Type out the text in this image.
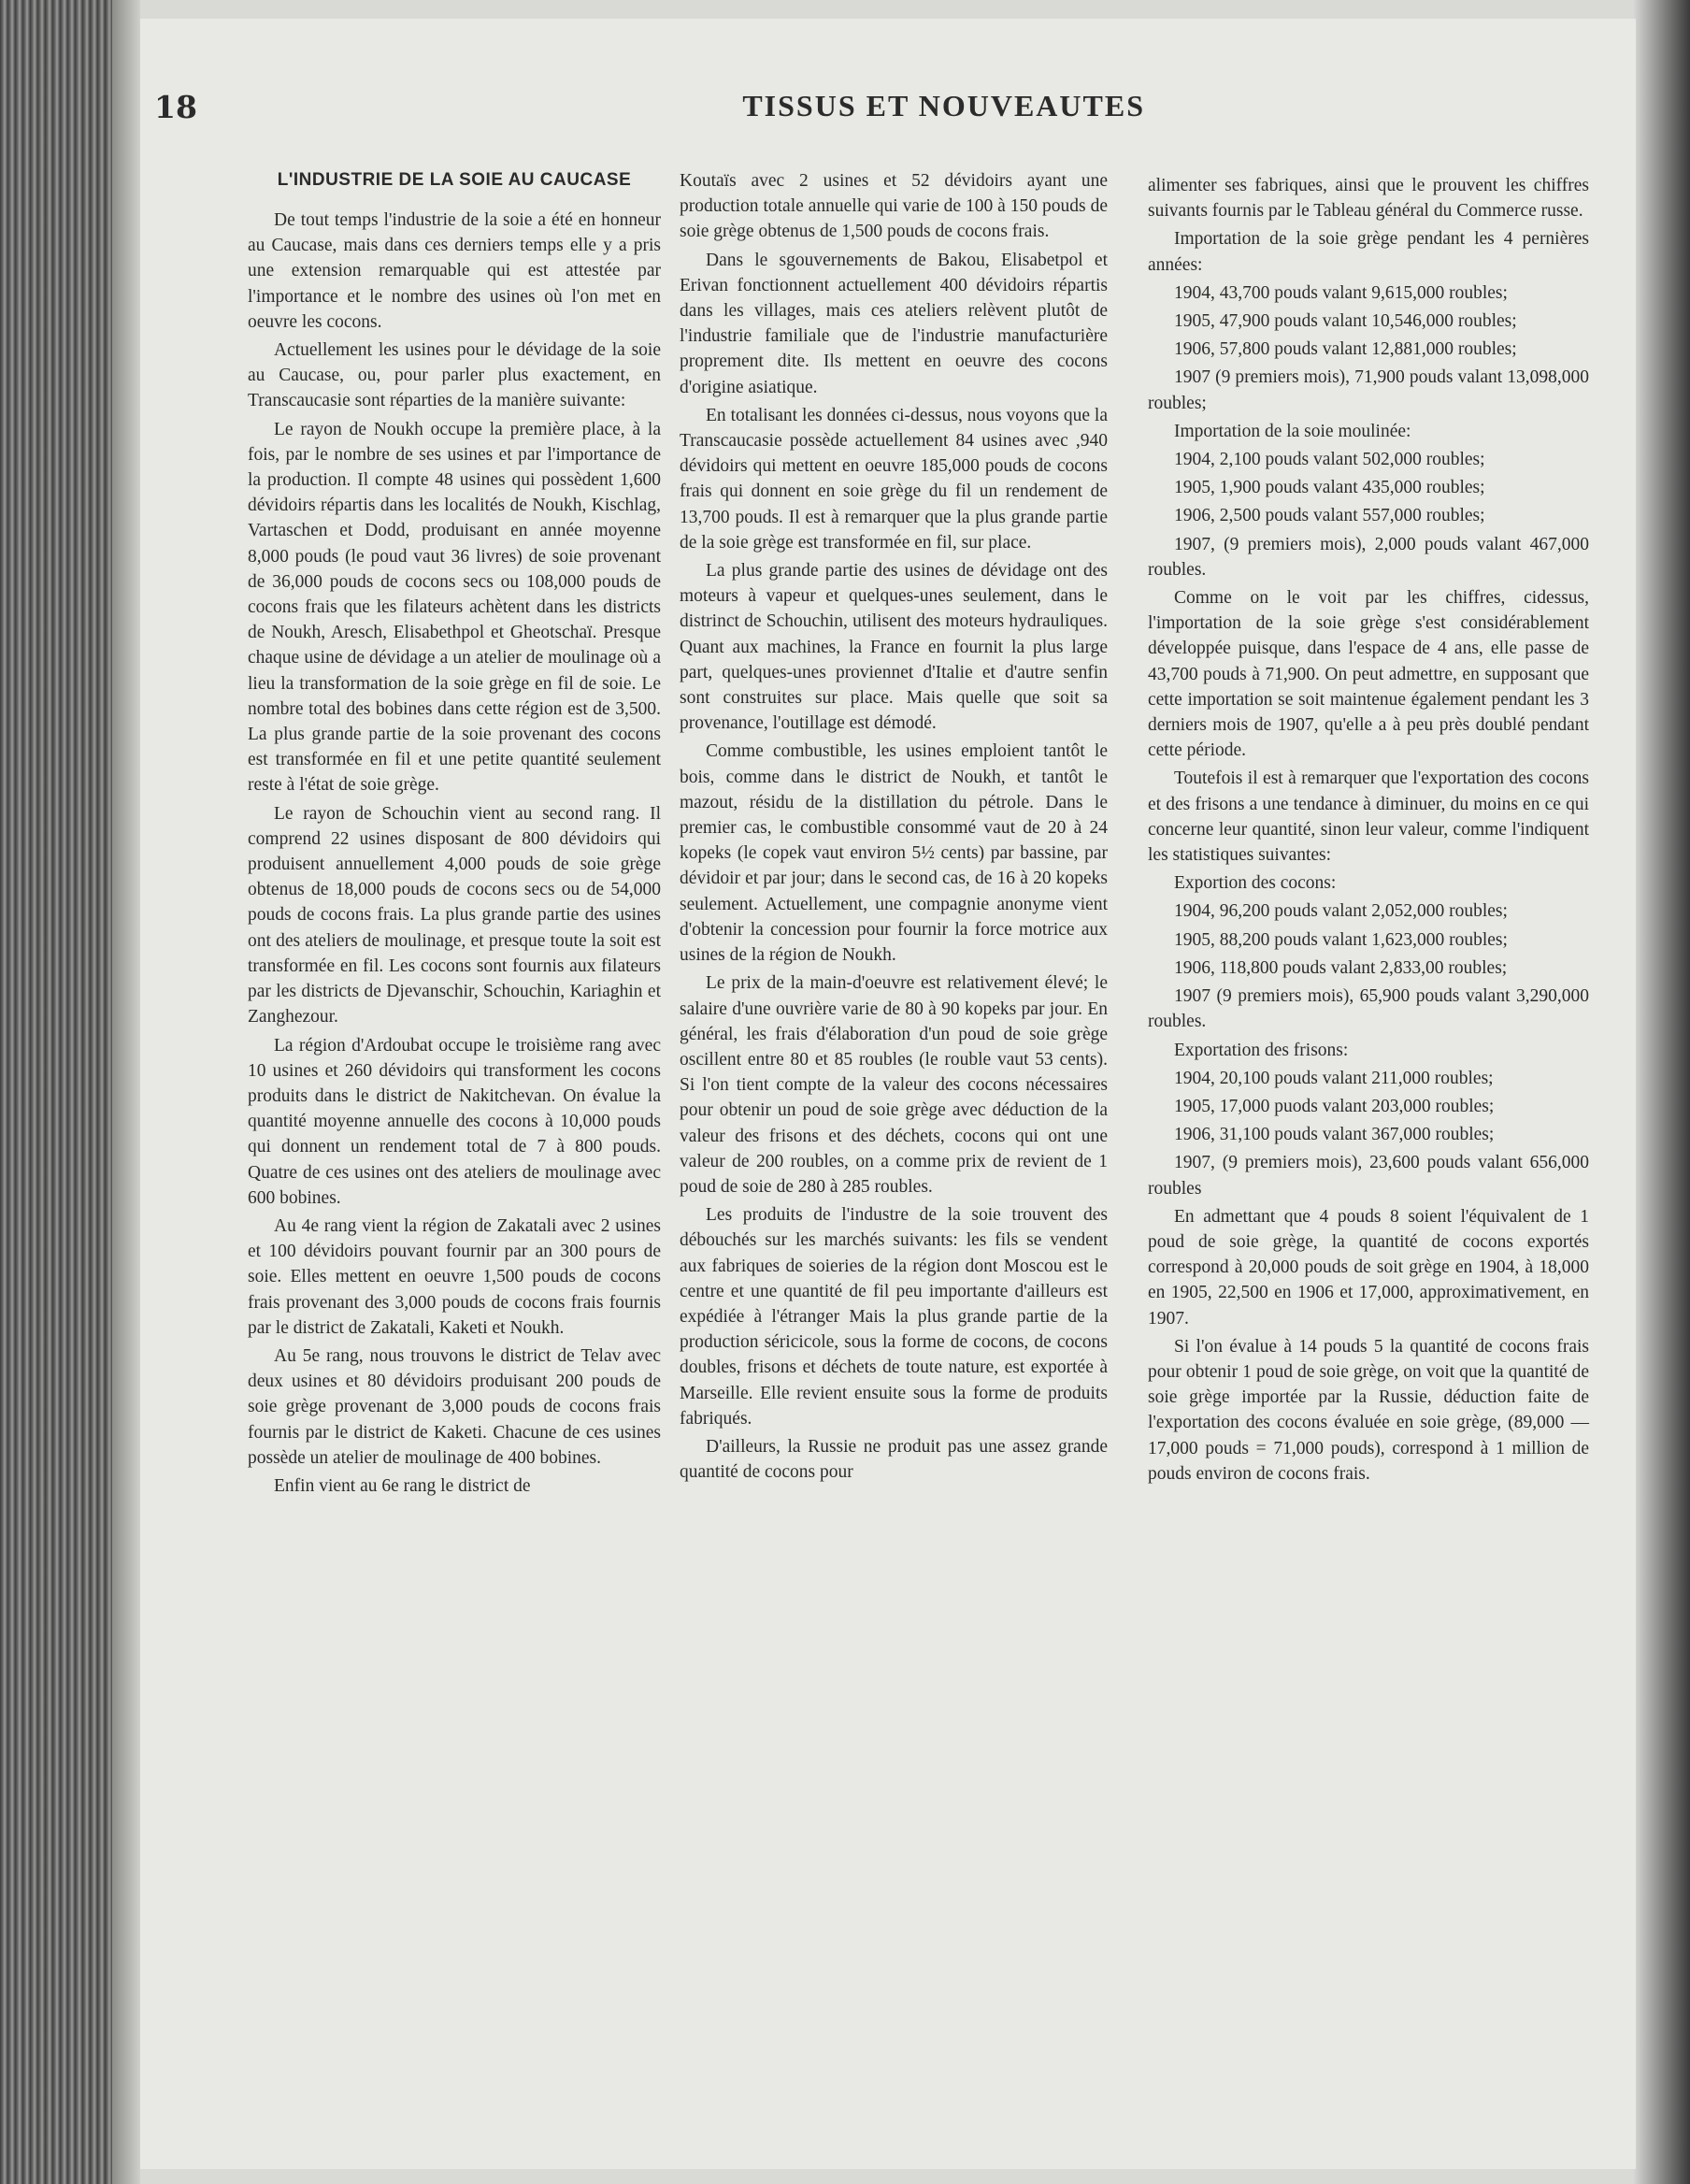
18	TISSUS ET NOUVEAUTES
L'INDUSTRIE DE LA SOIE AU CAUCASE

De tout temps l'industrie de la soie a été en honneur au Caucase, mais dans ces derniers temps elle y a pris une extension remarquable qui est attestée par l'importance et le nombre des usines où l'on met en oeuvre les cocons.

Actuellement les usines pour le dévidage de la soie au Caucase, ou, pour parler plus exactement, en Transcaucasie sont réparties de la manière suivante:

Le rayon de Noukh occupe la première place, à la fois, par le nombre de ses usines et par l'importance de la production. Il compte 48 usines qui possèdent 1,600 dévidoirs répartis dans les localités de Noukh, Kischlag, Vartaschen et Dodd, produisant en année moyenne 8,000 pouds (le poud vaut 36 livres) de soie provenant de 36,000 pouds de cocons secs ou 108,000 pouds de cocons frais que les filateurs achètent dans les districts de Noukh, Aresch, Elisabethpol et Gheotschaï. Presque chaque usine de dévidage a un atelier de moulinage où a lieu la transformation de la soie grège en fil de soie. Le nombre total des bobines dans cette région est de 3,500. La plus grande partie de la soie provenant des cocons est transformée en fil et une petite quantité seulement reste à l'état de soie grège.

Le rayon de Schouchin vient au second rang. Il comprend 22 usines disposant de 800 dévidoirs qui produisent annuellement 4,000 pouds de soie grège obtenus de 18,000 pouds de cocons secs ou de 54,000 pouds de cocons frais. La plus grande partie des usines ont des ateliers de moulinage, et presque toute la soit est transformée en fil. Les cocons sont fournis aux filateurs par les districts de Djevanschir, Schouchin, Kariaghin et Zanghezour.

La région d'Ardoubat occupe le troisième rang avec 10 usines et 260 dévidoirs qui transforment les cocons produits dans le district de Nakitchevan. On évalue la quantité moyenne annuelle des cocons à 10,000 pouds qui donnent un rendement total de 7 à 800 pouds. Quatre de ces usines ont des ateliers de moulinage avec 600 bobines.

Au 4e rang vient la région de Zakatali avec 2 usines et 100 dévidoirs pouvant fournir par an 300 pours de soie. Elles mettent en oeuvre 1,500 pouds de cocons frais provenant des 3,000 pouds de cocons frais fournis par le district de Zakatali, Kaketi et Noukh.

Au 5e rang, nous trouvons le district de Telav avec deux usines et 80 dévidoirs produisant 200 pouds de soie grège provenant de 3,000 pouds de cocons frais fournis par le district de Kaketi. Chacune de ces usines possède un atelier de moulinage de 400 bobines.

Enfin vient au 6e rang le district de

Koutaïs avec 2 usines et 52 dévidoirs ayant une production totale annuelle qui varie de 100 à 150 pouds de soie grège obtenus de 1,500 pouds de cocons frais.

Dans le sgouvernements de Bakou, Elisabetpol et Erivan fonctionnent actuellement 400 dévidoirs répartis dans les villages, mais ces ateliers relèvent plutôt de l'industrie familiale que de l'industrie manufacturière proprement dite. Ils mettent en oeuvre des cocons d'origine asiatique.

En totalisant les données ci-dessus, nous voyons que la Transcaucasie possède actuellement 84 usines avec ,940 dévidoirs qui mettent en oeuvre 185,000 pouds de cocons frais qui donnent en soie grège du fil un rendement de 13,700 pouds. Il est à remarquer que la plus grande partie de la soie grège est transformée en fil, sur place.

La plus grande partie des usines de dévidage ont des moteurs à vapeur et quelques-unes seulement, dans le distrinct de Schouchin, utilisent des moteurs hydrauliques. Quant aux machines, la France en fournit la plus large part, quelques-unes proviennet d'Italie et d'autre senfin sont construites sur place. Mais quelle que soit sa provenance, l'outillage est démodé.

Comme combustible, les usines emploient tantôt le bois, comme dans le district de Noukh, et tantôt le mazout, résidu de la distillation du pétrole. Dans le premier cas, le combustible consommé vaut de 20 à 24 kopeks (le copek vaut environ 5½ cents) par bassine, par dévidoir et par jour; dans le second cas, de 16 à 20 kopeks seulement. Actuellement, une compagnie anonyme vient d'obtenir la concession pour fournir la force motrice aux usines de la région de Noukh.

Le prix de la main-d'oeuvre est relativement élevé; le salaire d'une ouvrière varie de 80 à 90 kopeks par jour. En général, les frais d'élaboration d'un poud de soie grège oscillent entre 80 et 85 roubles (le rouble vaut 53 cents). Si l'on tient compte de la valeur des cocons nécessaires pour obtenir un poud de soie grège avec déduction de la valeur des frisons et des déchets, cocons qui ont une valeur de 200 roubles, on a comme prix de revient de 1 poud de soie de 280 à 285 roubles.

Les produits de l'industre de la soie trouvent des débouchés sur les marchés suivants: les fils se vendent aux fabriques de soieries de la région dont Moscou est le centre et une quantité de fil peu importante d'ailleurs est expédiée à l'étranger Mais la plus grande partie de la production séricicole, sous la forme de cocons, de cocons doubles, frisons et déchets de toute nature, est exportée à Marseille. Elle revient ensuite sous la forme de produits fabriqués.

D'ailleurs, la Russie ne produit pas une assez grande quantité de cocons pour

alimenter ses fabriques, ainsi que le prouvent les chiffres suivants fournis par le Tableau général du Commerce russe.

Importation de la soie grège pendant les 4 pernières années:

1904, 43,700 pouds valant 9,615,000 roubles;

1905, 47,900 pouds valant 10,546,000 roubles;

1906, 57,800 pouds valant 12,881,000 roubles;

1907 (9 premiers mois), 71,900 pouds valant 13,098,000 roubles;

Importation de la soie moulinée:

1904, 2,100 pouds valant 502,000 roubles;

1905, 1,900 pouds valant 435,000 roubles;

1906, 2,500 pouds valant 557,000 roubles;

1907, (9 premiers mois), 2,000 pouds valant 467,000 roubles.

Comme on le voit par les chiffres, cidessus, l'importation de la soie grège s'est considérablement développée puisque, dans l'espace de 4 ans, elle passe de 43,700 pouds à 71,900. On peut admettre, en supposant que cette importation se soit maintenue également pendant les 3 derniers mois de 1907, qu'elle a à peu près doublé pendant cette période.

Toutefois il est à remarquer que l'exportation des cocons et des frisons a une tendance à diminuer, du moins en ce qui concerne leur quantité, sinon leur valeur, comme l'indiquent les statistiques suivantes:

Exportion des cocons:

1904, 96,200 pouds valant 2,052,000 roubles;

1905, 88,200 pouds valant 1,623,000 roubles;

1906, 118,800 pouds valant 2,833,00 roubles;

1907 (9 premiers mois), 65,900 pouds valant 3,290,000 roubles.

Exportation des frisons:

1904, 20,100 pouds valant 211,000 roubles;

1905, 17,000 puods valant 203,000 roubles;

1906, 31,100 pouds valant 367,000 roubles;

1907, (9 premiers mois), 23,600 pouds valant 656,000 roubles

En admettant que 4 pouds 8 soient l'équivalent de 1 poud de soie grège, la quantité de cocons exportés correspond à 20,000 pouds de soit grège en 1904, à 18,000 en 1905, 22,500 en 1906 et 17,000, approximativement, en 1907.

Si l'on évalue à 14 pouds 5 la quantité de cocons frais pour obtenir 1 poud de soie grège, on voit que la quantité de soie grège importée par la Russie, déduction faite de l'exportation des cocons évaluée en soie grège, (89,000 — 17,000 pouds = 71,000 pouds), correspond à 1 million de pouds environ de cocons frais.
